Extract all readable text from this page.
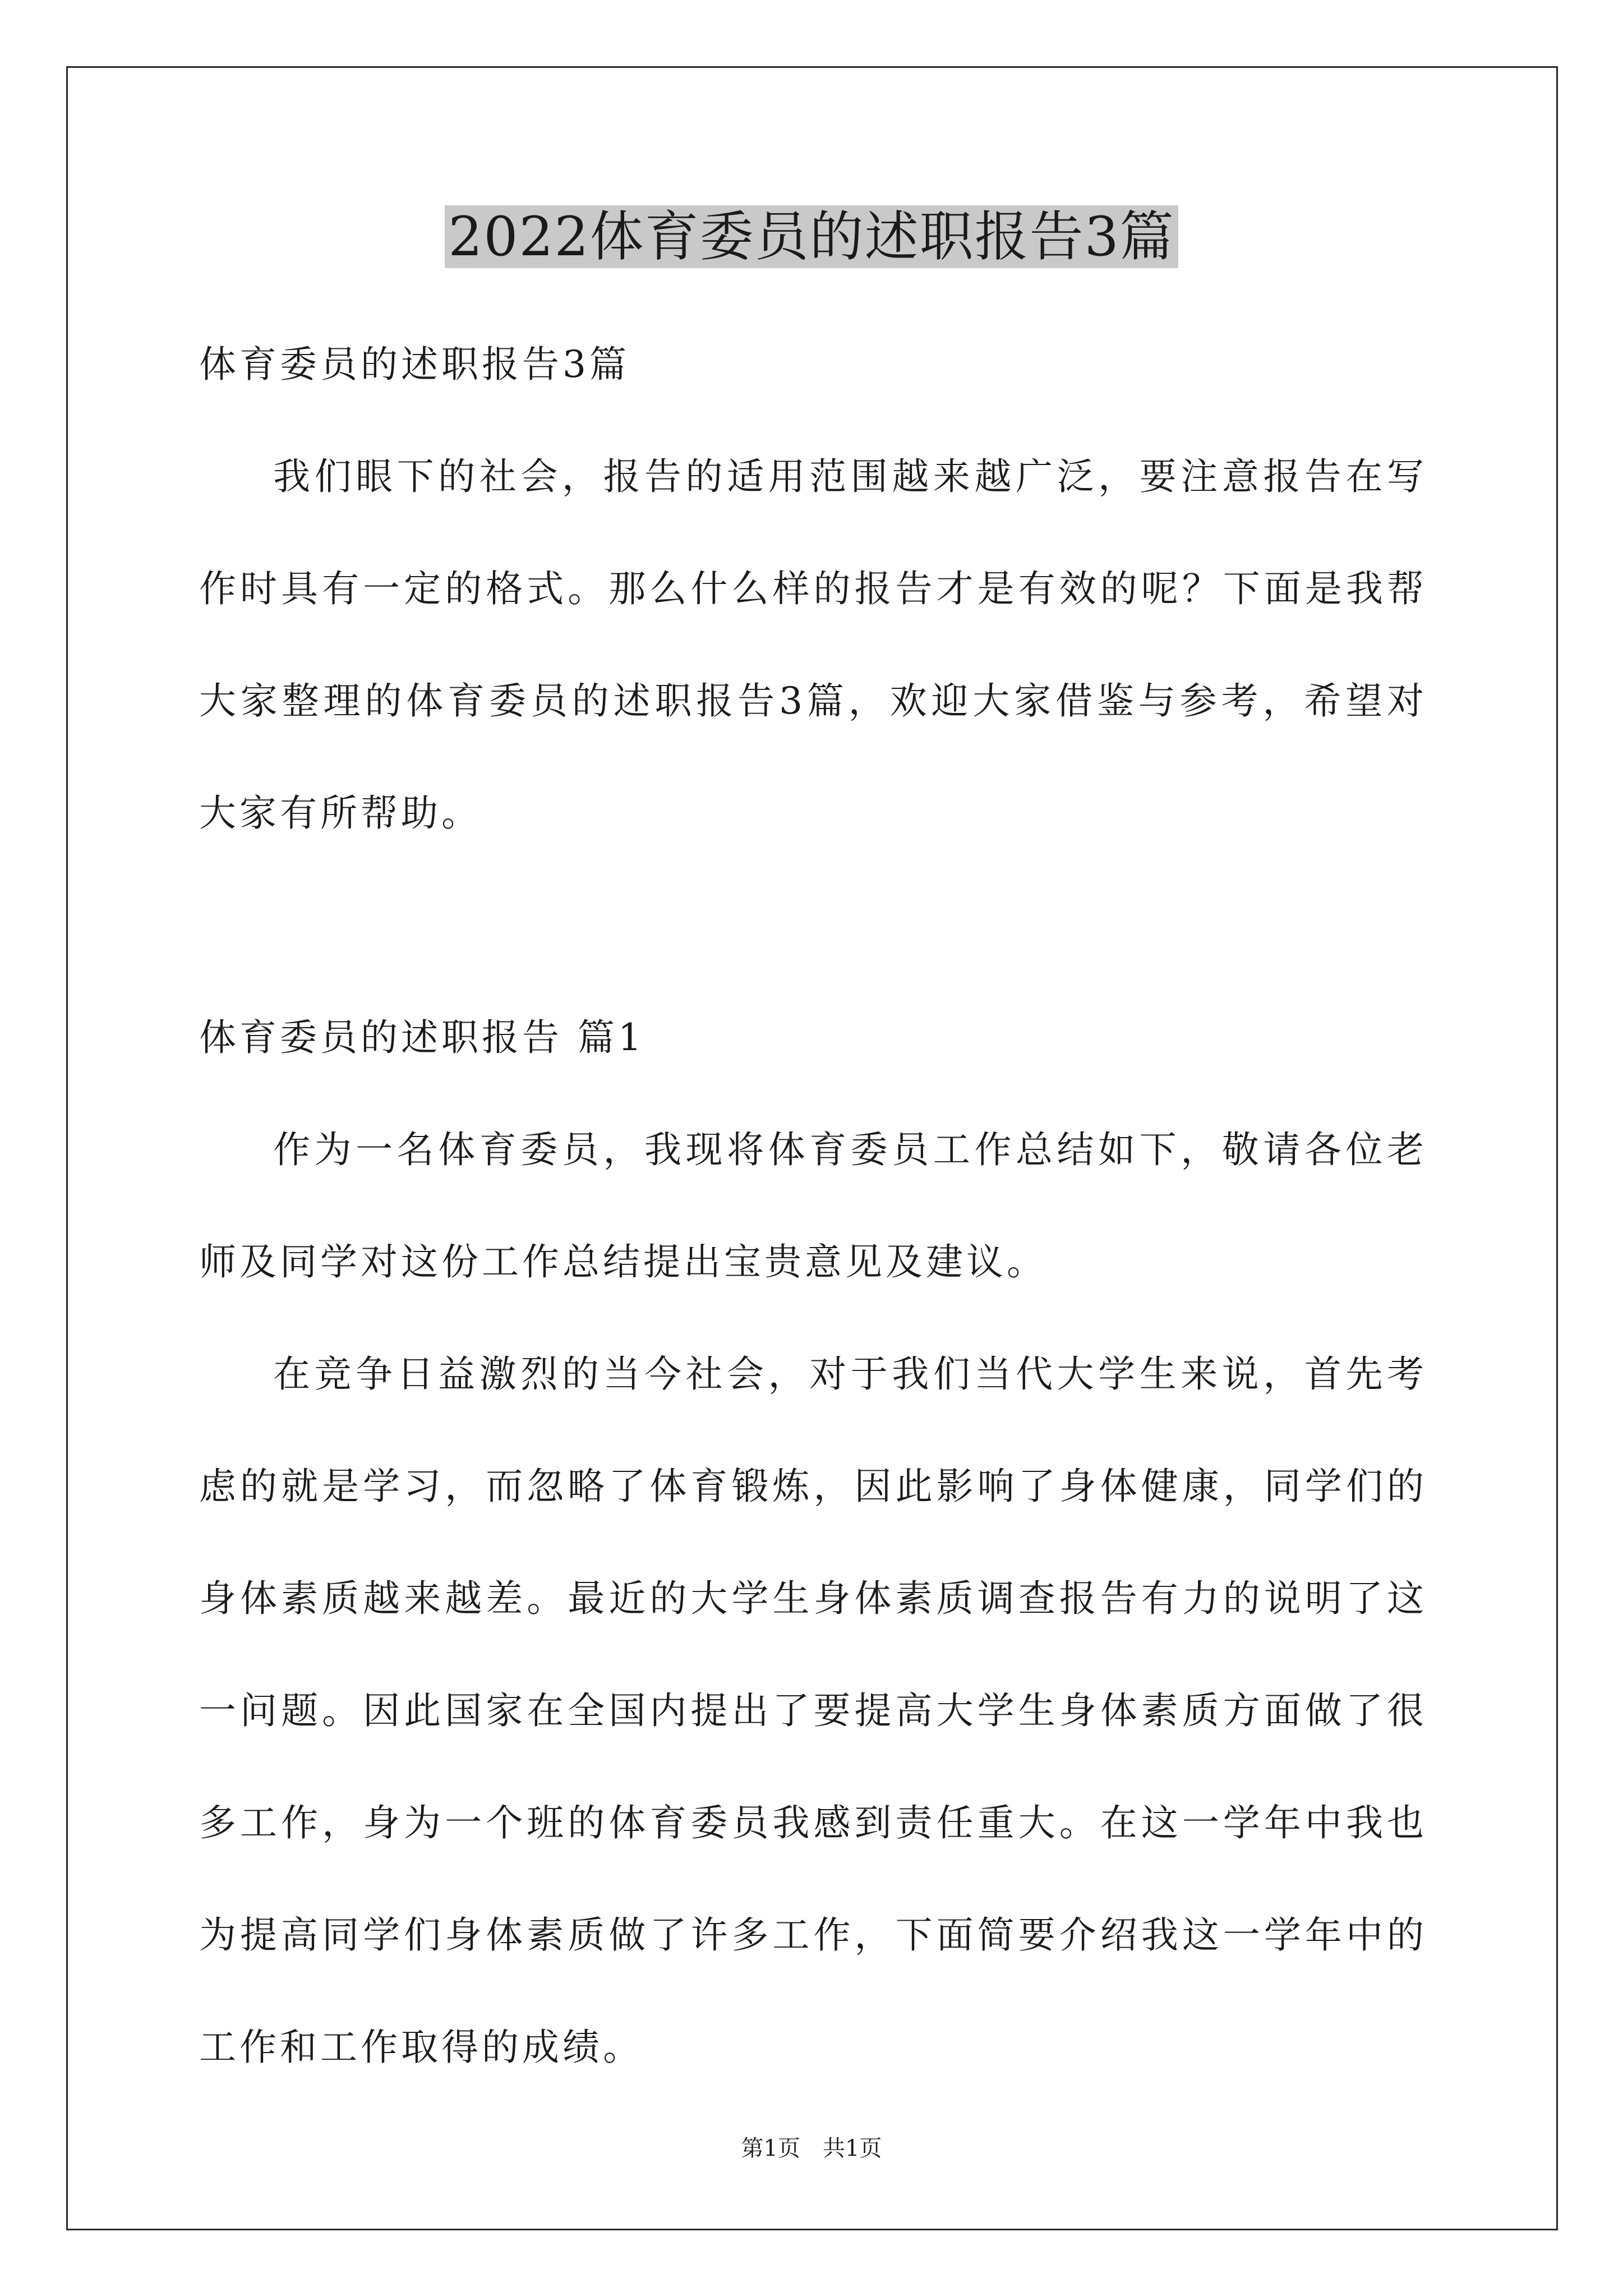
2022体育委员的述职报告3篇
体育委员的述职报告3篇

我们眼下的社会，报告的适用范围越来越广泛，要注意报告在写作时具有一定的格式。那么什么样的报告才是有效的呢？下面是我帮大家整理的体育委员的述职报告3篇，欢迎大家借鉴与参考，希望对大家有所帮助。

体育委员的述职报告 篇1

作为一名体育委员，我现将体育委员工作总结如下，敬请各位老师及同学对这份工作总结提出宝贵意见及建议。

在竞争日益激烈的当今社会，对于我们当代大学生来说，首先考虑的就是学习，而忽略了体育锻炼，因此影响了身体健康，同学们的身体素质越来越差。最近的大学生身体素质调查报告有力的说明了这一问题。因此国家在全国内提出了要提高大学生身体素质方面做了很多工作，身为一个班的体育委员我感到责任重大。在这一学年中我也为提高同学们身体素质做了许多工作，下面简要介绍我这一学年中的工作和工作取得的成绩。

第1页 共1页
